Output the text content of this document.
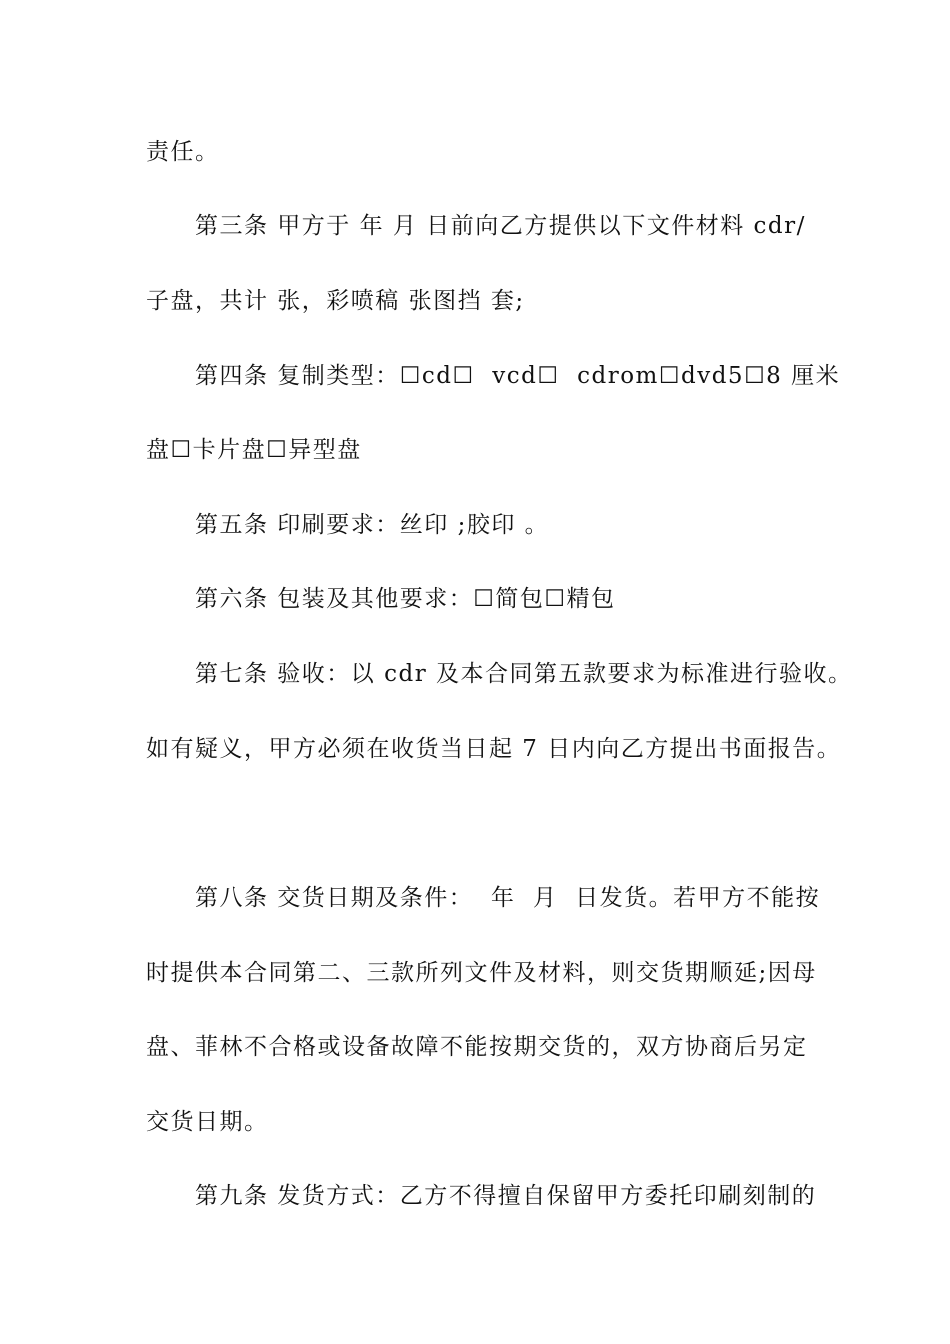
责任。
第三条 甲方于 年 月 日前向乙方提供以下文件材料 cdr/
子盘，共计 张，彩喷稿 张图挡 套;
第四条 复制类型：☐cd☐  vcd☐  cdrom☐dvd5☐8 厘米
盘☐卡片盘☐异型盘
第五条 印刷要求：丝印 ;胶印 。
第六条 包装及其他要求：☐简包☐精包
第七条 验收：以 cdr 及本合同第五款要求为标准进行验收。
如有疑义，甲方必须在收货当日起 7 日内向乙方提出书面报告。
第八条 交货日期及条件：  年  月  日发货。若甲方不能按
时提供本合同第二、三款所列文件及材料，则交货期顺延;因母
盘、菲林不合格或设备故障不能按期交货的，双方协商后另定
交货日期。
第九条 发货方式：乙方不得擅自保留甲方委托印刷刻制的
